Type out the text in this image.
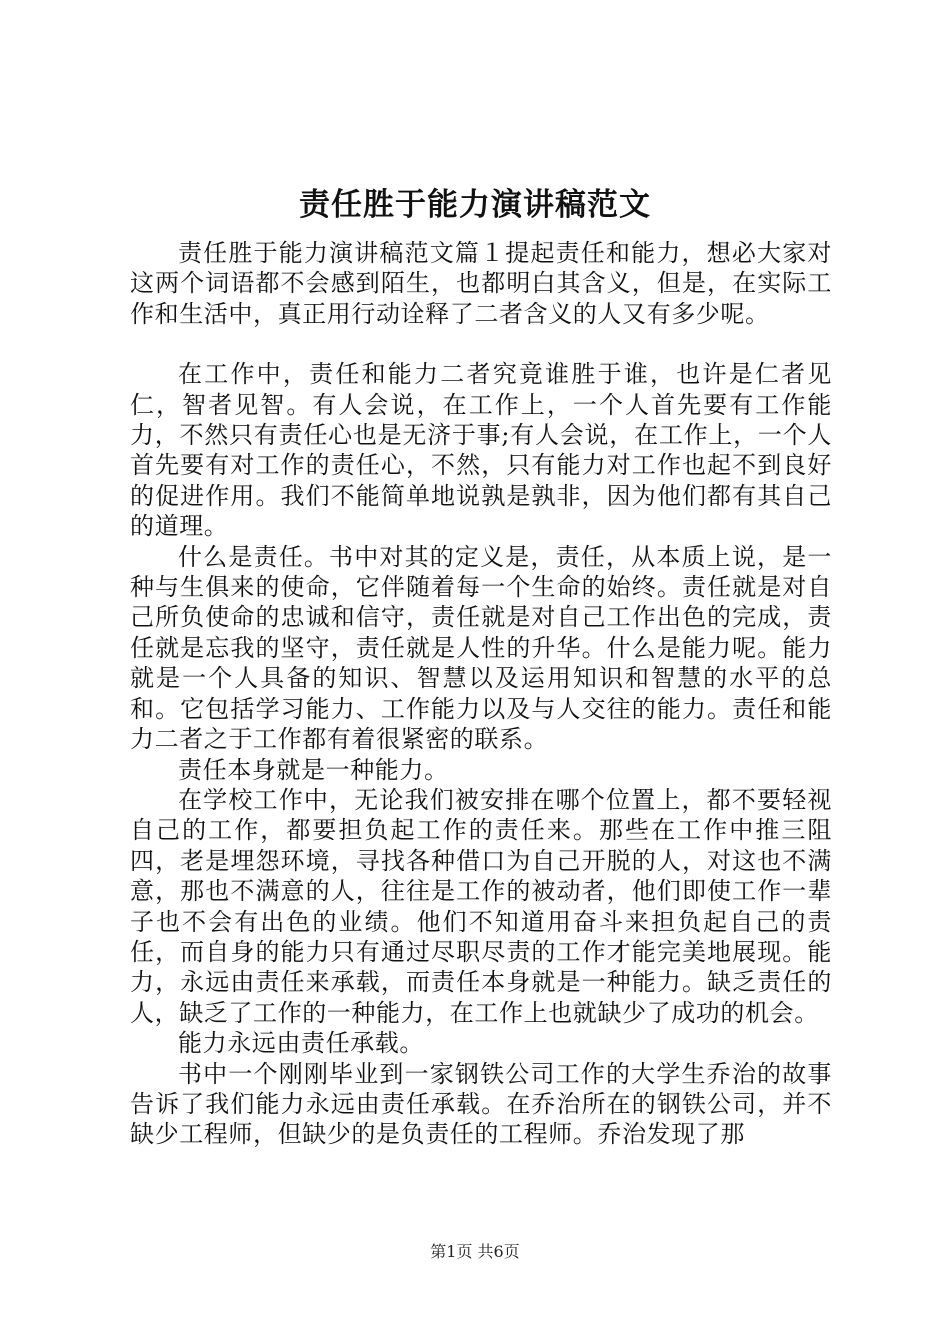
责任胜于能力演讲稿范文

责任胜于能力演讲稿范文篇１提起责任和能力，想必大家对这两个词语都不会感到陌生，也都明白其含义，但是，在实际工作和生活中，真正用行动诠释了二者含义的人又有多少呢。

在工作中，责任和能力二者究竟谁胜于谁，也许是仁者见仁，智者见智。有人会说，在工作上，一个人首先要有工作能力，不然只有责任心也是无济于事;有人会说，在工作上，一个人首先要有对工作的责任心，不然，只有能力对工作也起不到良好的促进作用。我们不能简单地说孰是孰非，因为他们都有其自己的道理。

什么是责任。书中对其的定义是，责任，从本质上说，是一种与生俱来的使命，它伴随着每一个生命的始终。责任就是对自己所负使命的忠诚和信守，责任就是对自己工作出色的完成，责任就是忘我的坚守，责任就是人性的升华。什么是能力呢。能力就是一个人具备的知识、智慧以及运用知识和智慧的水平的总和。它包括学习能力、工作能力以及与人交往的能力。责任和能力二者之于工作都有着很紧密的联系。

责任本身就是一种能力。

在学校工作中，无论我们被安排在哪个位置上，都不要轻视自己的工作，都要担负起工作的责任来。那些在工作中推三阻四，老是埋怨环境，寻找各种借口为自己开脱的人，对这也不满意，那也不满意的人，往往是工作的被动者，他们即使工作一辈子也不会有出色的业绩。他们不知道用奋斗来担负起自己的责任，而自身的能力只有通过尽职尽责的工作才能完美地展现。能力，永远由责任来承载，而责任本身就是一种能力。缺乏责任的人，缺乏了工作的一种能力，在工作上也就缺少了成功的机会。

能力永远由责任承载。

书中一个刚刚毕业到一家钢铁公司工作的大学生乔治的故事告诉了我们能力永远由责任承载。在乔治所在的钢铁公司，并不缺少工程师，但缺少的是负责任的工程师。乔治发现了那

第1页 共6页
